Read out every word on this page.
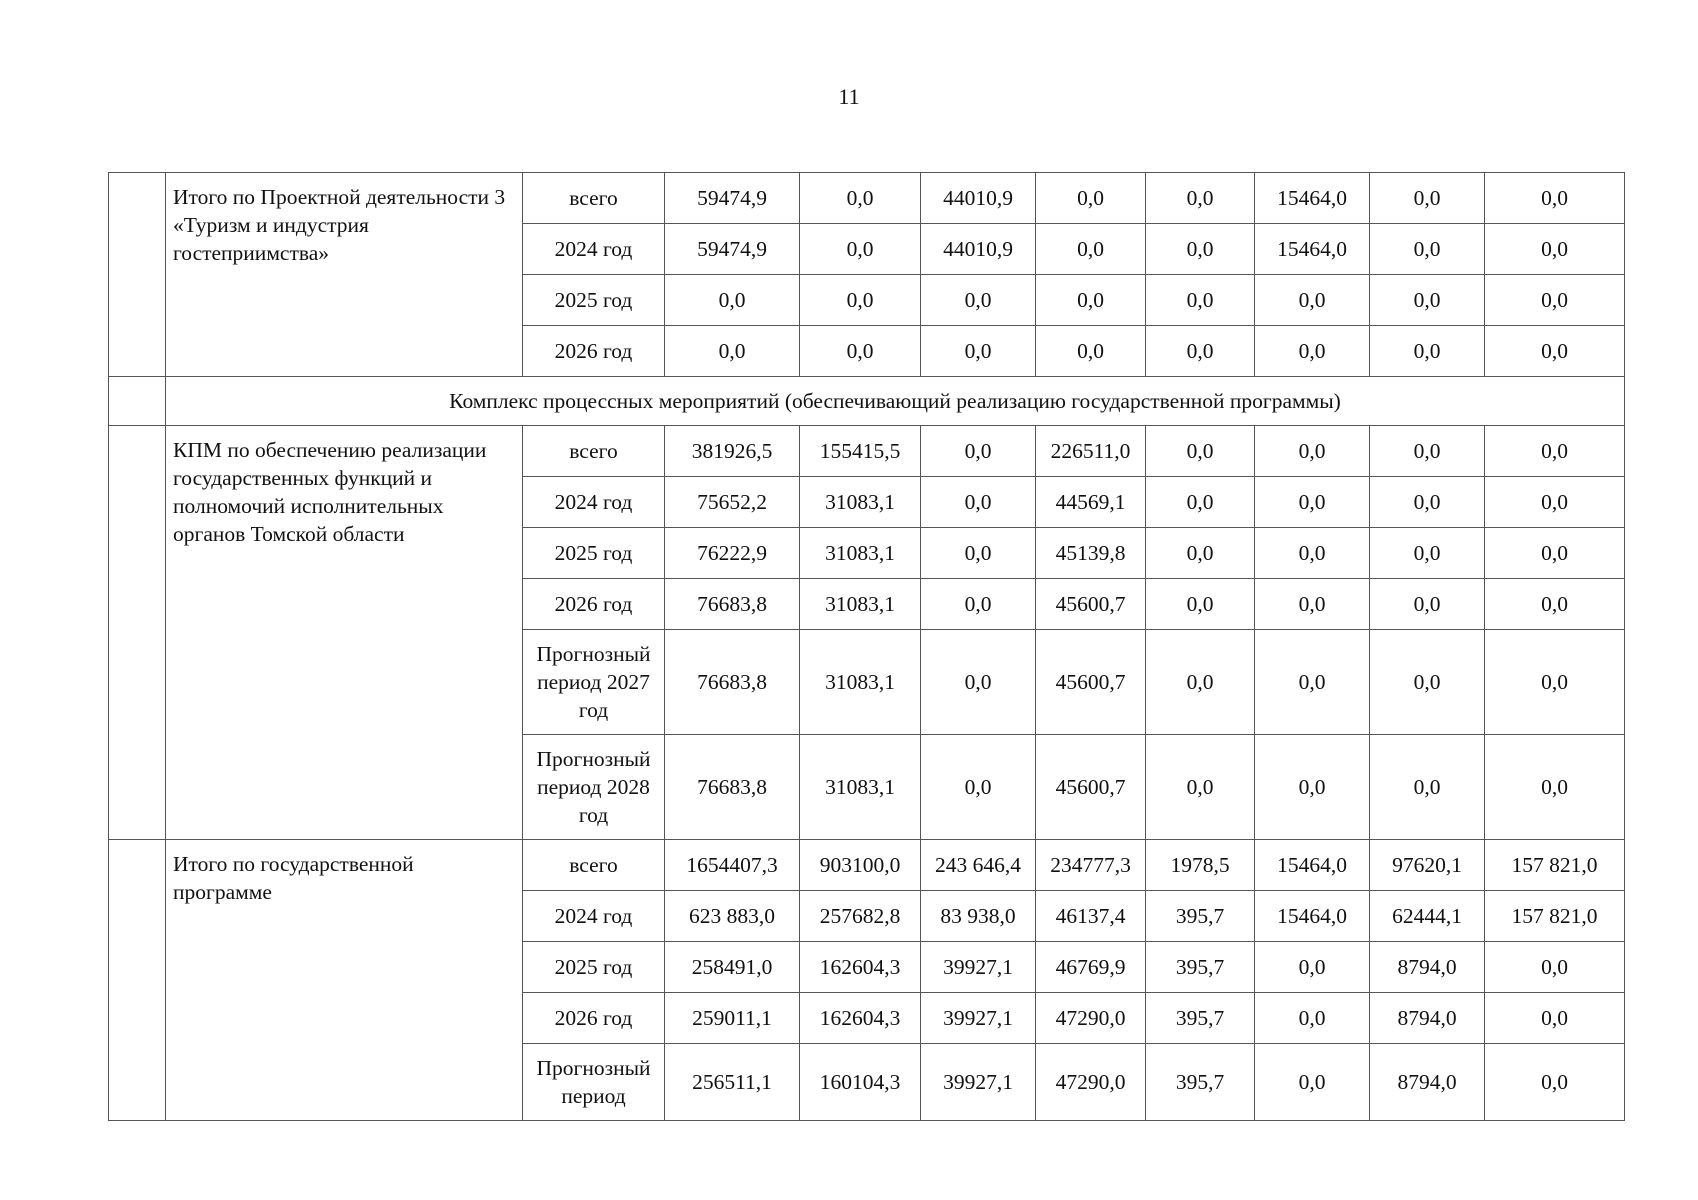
11
	Итого по Проектной деятельности 3 «Туризм и индустрия гостеприимства»	всего	59474,9	0,0	44010,9	0,0	0,0	15464,0	0,0	0,0
		2024 год	59474,9	0,0	44010,9	0,0	0,0	15464,0	0,0	0,0
		2025 год	0,0	0,0	0,0	0,0	0,0	0,0	0,0	0,0
		2026 год	0,0	0,0	0,0	0,0	0,0	0,0	0,0	0,0
	Комплекс процессных мероприятий (обеспечивающий реализацию государственной программы)									
	КПМ по обеспечению реализации государственных функций и полномочий исполнительных органов Томской области	всего	381926,5	155415,5	0,0	226511,0	0,0	0,0	0,0	0,0
		2024 год	75652,2	31083,1	0,0	44569,1	0,0	0,0	0,0	0,0
		2025 год	76222,9	31083,1	0,0	45139,8	0,0	0,0	0,0	0,0
		2026 год	76683,8	31083,1	0,0	45600,7	0,0	0,0	0,0	0,0
		Прогнозный период 2027 год	76683,8	31083,1	0,0	45600,7	0,0	0,0	0,0	0,0
		Прогнозный период 2028 год	76683,8	31083,1	0,0	45600,7	0,0	0,0	0,0	0,0
	Итого по государственной программе	всего	1654407,3	903100,0	243 646,4	234777,3	1978,5	15464,0	97620,1	157 821,0
		2024 год	623 883,0	257682,8	83 938,0	46137,4	395,7	15464,0	62444,1	157 821,0
		2025 год	258491,0	162604,3	39927,1	46769,9	395,7	0,0	8794,0	0,0
		2026 год	259011,1	162604,3	39927,1	47290,0	395,7	0,0	8794,0	0,0
		Прогнозный период	256511,1	160104,3	39927,1	47290,0	395,7	0,0	8794,0	0,0
